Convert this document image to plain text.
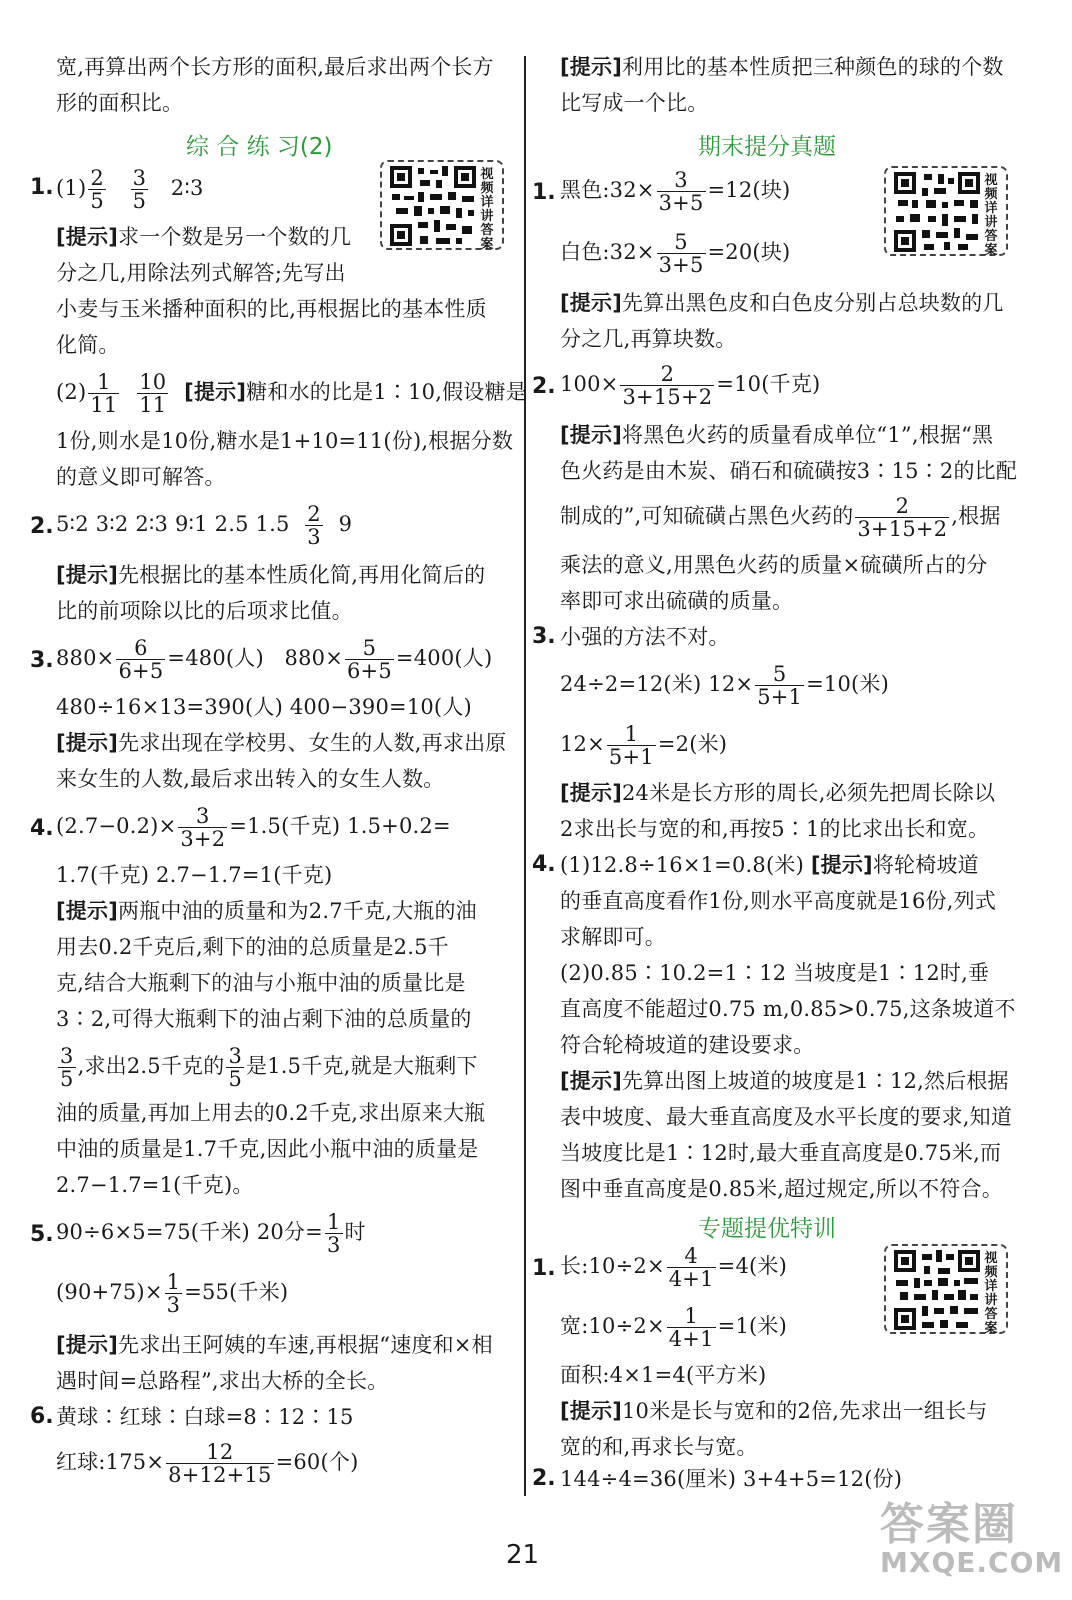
宽,再算出两个长方形的面积,最后求出两个长方
形的面积比。
综 合 练 习(2)
视频详讲答案
1. $(1) \frac{2}{5}$
$\frac{3}{5}$ 2∶3
[提示]求一个数是另一个数的几
分之几,用除法列式解答;先写出
小麦与玉米播种面积的比,再根据比的基本性质
化简。
$(2) \frac{1}{11}$
$\frac{10}{11}$ [提示]糖和水的比是1∶10,假设糖是
1份,则水是10份,糖水是1+10=11(份),根据分数
的意义即可解答。
2. 5∶2 3∶2 2∶3 9∶1 2.5 $1.5 \frac{2}{3} 9$
[提示]先根据比的基本性质化简,再用化简后的
比的前项除以比的后项求比值。
3. $880\times \frac{6}{6+5} =480$(人) $880\times \frac{5}{6+5} =400$(人)
480÷16×13=390(人) 400−390=10(人)
[提示]先求出现在学校男、女生的人数,再求出原
来女生的人数,最后求出转入的女生人数。
4. $(2.7-0.2)\times \frac{3}{3+2} =1.5$(千克) 1.5+0.2=
1.7(千克) 2.7−1.7=1(千克)
[提示]两瓶中油的质量和为2.7千克,大瓶的油
用去0.2千克后,剩下的油的总质量是2.5千
克,结合大瓶剩下的油与小瓶中油的质量比是
3∶2,可得大瓶剩下的油占剩下油的总质量的
$\frac{3}{5}$ ,求出2.5千克的 $\frac{3}{5}$ 是1.5千克,就是大瓶剩下
油的质量,再加上用去的0.2千克,求出原来大瓶
中油的质量是1.7千克,因此小瓶中油的质量是
2.7−1.7=1(千克)。
5. 90÷6×5=75(千米) 20分= $\frac{1}{3}$ 时
$(90+75)\times \frac{1}{3} =55$(千米)
[提示]先求出王阿姨的车速,再根据“速度和×相
遇时间=总路程”,求出大桥的全长。
6. 黄球∶红球∶白球=8∶12∶15
红球:175× $\frac{12}{8+12+15} =60$(个)
[提示]利用比的基本性质把三种颜色的球的个数
比写成一个比。
期末提分真题
视频详讲答案
1. 黑色:32× $\frac{3}{3+5} =12$(块)
白色:32× $\frac{5}{3+5} =20$(块)
[提示]先算出黑色皮和白色皮分别占总块数的几
分之几,再算块数。
2. $100\times \frac{2}{3+15+2} =10$(千克)
[提示]将黑色火药的质量看成单位“1”,根据“黑
色火药是由木炭、硝石和硫磺按3∶15∶2的比配
制成的”,可知硫磺占黑色火药的 $\frac{2}{3+15+2}$ ,根据
乘法的意义,用黑色火药的质量×硫磺所占的分
率即可求出硫磺的质量。
3. 小强的方法不对。
24÷2=12(米) $12\times \frac{5}{5+1} =10$(米)
$12\times \frac{1}{5+1} =2$(米)
[提示]24米是长方形的周长,必须先把周长除以
2求出长与宽的和,再按5∶1的比求出长和宽。
4. (1)12.8÷16×1=0.8(米) [提示]将轮椅坡道
的垂直高度看作1份,则水平高度就是16份,列式
求解即可。
(2)0.85∶10.2=1∶12 当坡度是1∶12时,垂
直高度不能超过0.75 m,0.85>0.75,这条坡道不
符合轮椅坡道的建设要求。
[提示]先算出图上坡道的坡度是1∶12,然后根据
表中坡度、最大垂直高度及水平长度的要求,知道
当坡度比是1∶12时,最大垂直高度是0.75米,而
图中垂直高度是0.85米,超过规定,所以不符合。
专题提优特训
视频详讲答案
1. 长:10÷2× $\frac{4}{4+1} =4$(米)
宽:10÷2× $\frac{1}{4+1} =1$(米)
面积:4×1=4(平方米)
[提示]10米是长与宽和的2倍,先求出一组长与
宽的和,再求长与宽。
2. 144÷4=36(厘米) 3+4+5=12(份)
21
答案圈
MXQE.COM
